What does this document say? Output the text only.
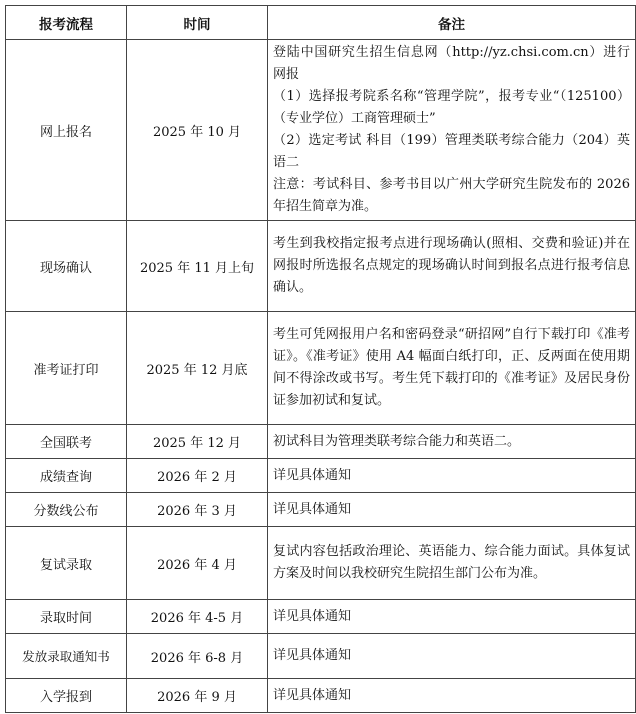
报考流程	时间	备注
网上报名	2025 年 10 月	登陆中国研究生招生信息网（http://yz.chsi.com.cn）进行网报
（1）选择报考院系名称“管理学院”，报考专业“（125100）（专业学位）工商管理硕士”
（2）选定考试 科目（199）管理类联考综合能力（204）英语二
注意：考试科目、参考书目以广州大学研究生院发布的 2026 年招生简章为准。

现场确认	2025 年 11 月上旬	考生到我校指定报考点进行现场确认(照相、交费和验证)并在网报时所选报名点规定的现场确认时间到报名点进行报考信息确认。

准考证打印	2025 年 12 月底	考生可凭网报用户名和密码登录“研招网”自行下载打印《准考证》。《准考证》使用 A4 幅面白纸打印，正、反两面在使用期间不得涂改或书写。考生凭下载打印的《准考证》及居民身份证参加初试和复试。

全国联考	2025 年 12 月	初试科目为管理类联考综合能力和英语二。

成绩查询	2026 年 2 月	详见具体通知

分数线公布	2026 年 3 月	详见具体通知

复试录取	2026 年 4 月	复试内容包括政治理论、英语能力、综合能力面试。具体复试方案及时间以我校研究生院招生部门公布为准。

录取时间	2026 年 4-5 月	详见具体通知

发放录取通知书	2026 年 6-8 月	详见具体通知

入学报到	2026 年 9 月	详见具体通知
